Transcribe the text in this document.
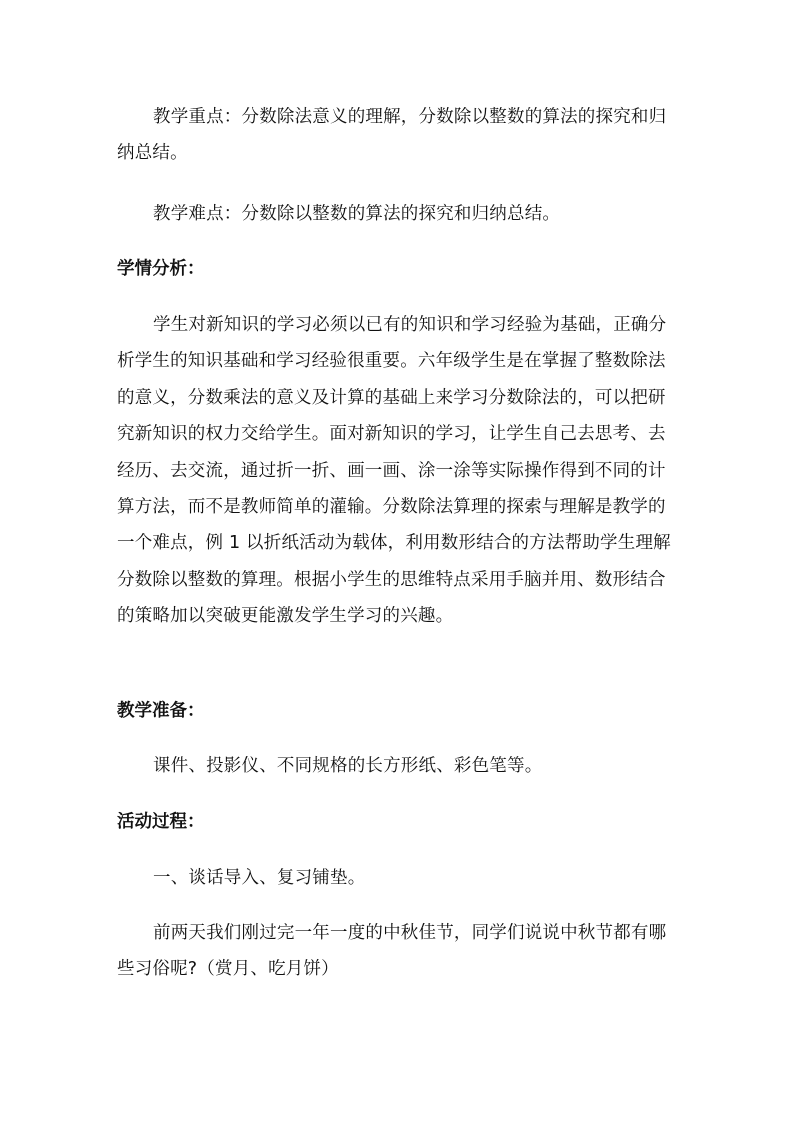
教学重点：分数除法意义的理解，分数除以整数的算法的探究和归纳总结。
教学难点：分数除以整数的算法的探究和归纳总结。
学情分析：
学生对新知识的学习必须以已有的知识和学习经验为基础，正确分析学生的知识基础和学习经验很重要。六年级学生是在掌握了整数除法的意义，分数乘法的意义及计算的基础上来学习分数除法的，可以把研究新知识的权力交给学生。面对新知识的学习，让学生自己去思考、去经历、去交流，通过折一折、画一画、涂一涂等实际操作得到不同的计算方法，而不是教师简单的灌输。分数除法算理的探索与理解是教学的一个难点，例 1 以折纸活动为载体，利用数形结合的方法帮助学生理解分数除以整数的算理。根据小学生的思维特点采用手脑并用、数形结合的策略加以突破更能激发学生学习的兴趣。
教学准备：
课件、投影仪、不同规格的长方形纸、彩色笔等。
活动过程：
一、谈话导入、复习铺垫。
前两天我们刚过完一年一度的中秋佳节，同学们说说中秋节都有哪些习俗呢?（赏月、吃月饼）
